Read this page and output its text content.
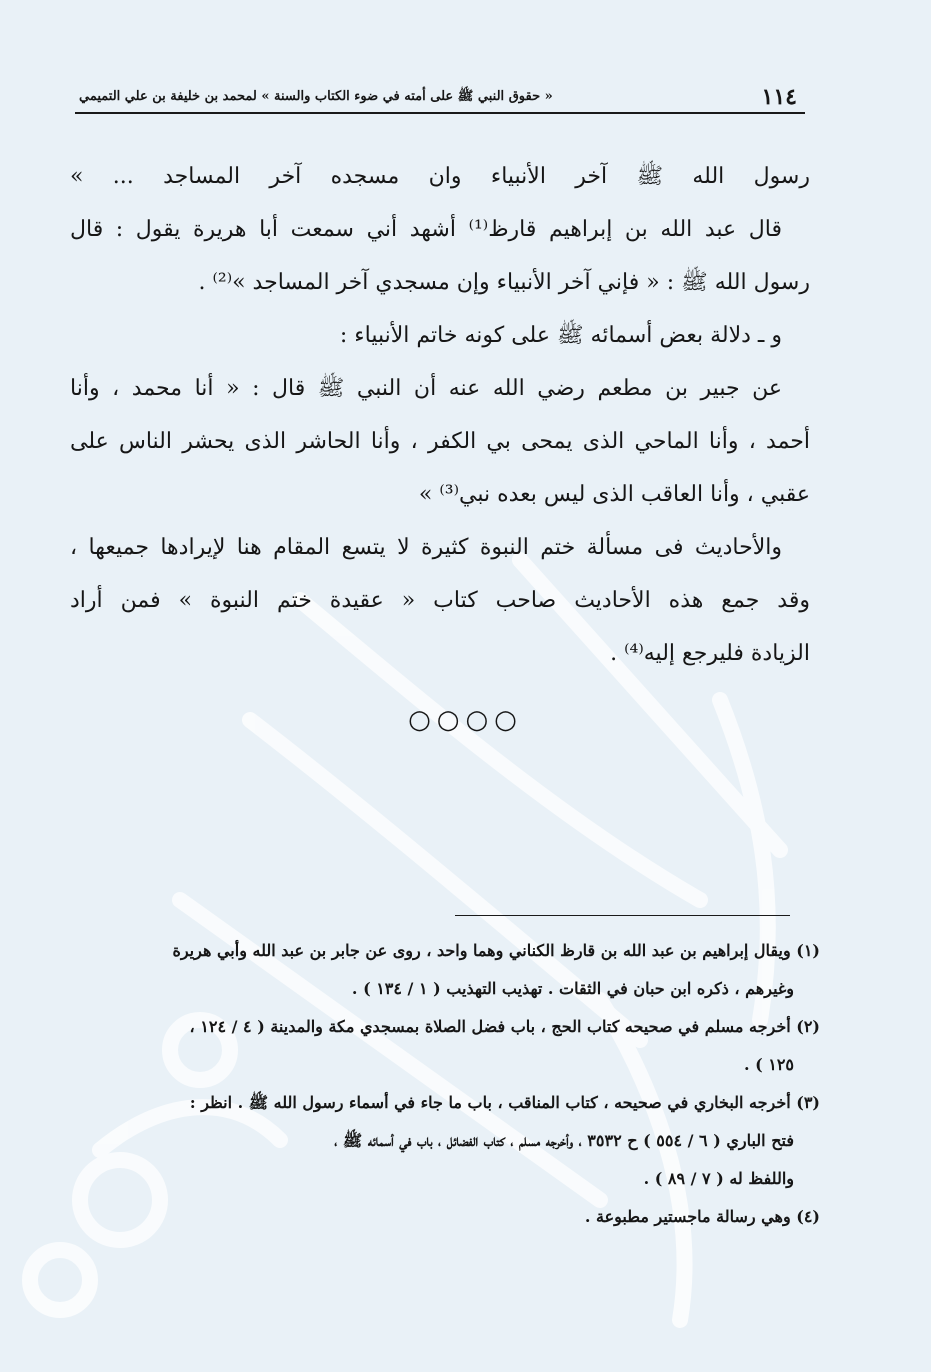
١١٤
« حقوق النبي ﷺ على أمته في ضوء الكتاب والسنة » لمحمد بن خليفة بن علي التميمي

رسول الله ﷺ آخر الأنبياء وان مسجده آخر المساجد ... »

قال عبد الله بن إبراهيم قارظ⁽¹⁾ أشهد أني سمعت أبا هريرة يقول : قال

رسول الله ﷺ : « فإني آخر الأنبياء وإن مسجدي آخر المساجد »⁽²⁾ .

و ـ دلالة بعض أسمائه ﷺ على كونه خاتم الأنبياء :

عن جبير بن مطعم رضي الله عنه أن النبي ﷺ قال : « أنا محمد ، وأنا

أحمد ، وأنا الماحي الذى يمحى بي الكفر ، وأنا الحاشر الذى يحشر الناس على

عقبي ، وأنا العاقب الذى ليس بعده نبي⁽³⁾ »

والأحاديث فى مسألة ختم النبوة كثيرة لا يتسع المقام هنا لإيرادها جميعها ،

وقد جمع هذه الأحاديث صاحب كتاب « عقيدة ختم النبوة » فمن أراد

الزيادة فليرجع إليه⁽⁴⁾ .

○○○○

(١) ويقال إبراهيم بن عبد الله بن قارظ الكناني وهما واحد ، روى عن جابر بن عبد الله وأبي هريرة

وغيرهم ، ذكره ابن حبان في الثقات . تهذيب التهذيب ( ١ / ١٣٤ ) .

(٢) أخرجه مسلم في صحيحه كتاب الحج ، باب فضل الصلاة بمسجدي مكة والمدينة ( ٤ / ١٢٤ ،

١٢٥ ) .

(٣) أخرجه البخاري في صحيحه ، كتاب المناقب ، باب ما جاء في أسماء رسول الله ﷺ . انظر :

فتح الباري ( ٦ / ٥٥٤ ) ح ٣٥٣٢ ، وأخرجه مسلم ، كتاب الفضائل ، باب في أسمائه ﷺ ،

واللفظ له ( ٧ / ٨٩ ) .

(٤) وهي رسالة ماجستير مطبوعة .
